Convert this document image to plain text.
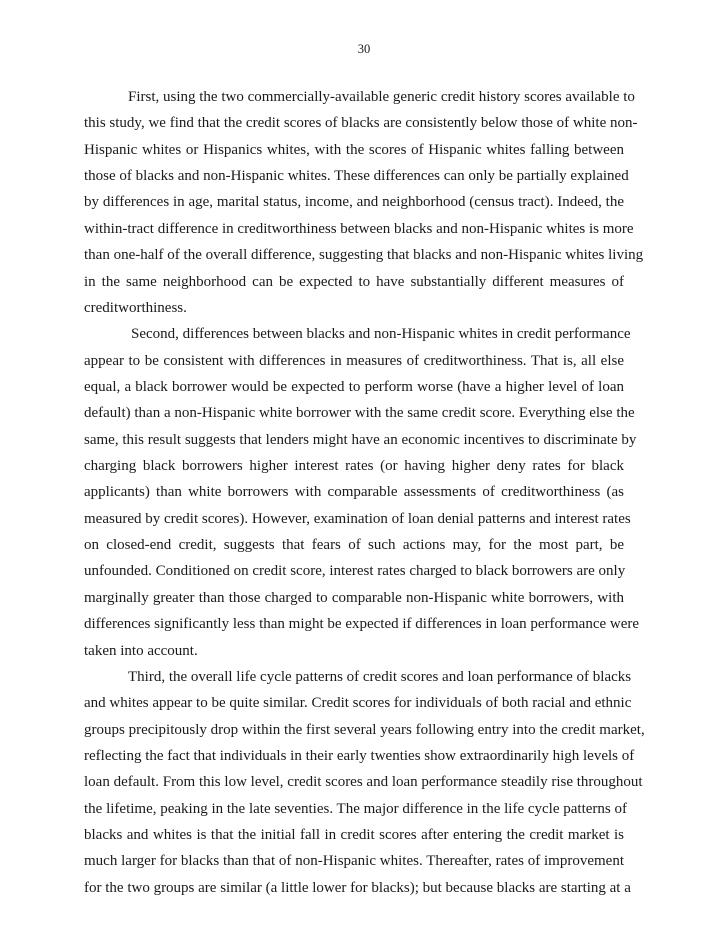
30

First, using the two commercially-available generic credit history scores available to
this study, we find that the credit scores of blacks are consistently below those of white non-
Hispanic whites or Hispanics whites, with the scores of Hispanic whites falling between
those of blacks and non-Hispanic whites. These differences can only be partially explained
by differences in age, marital status, income, and neighborhood (census tract). Indeed, the
within-tract difference in creditworthiness between blacks and non-Hispanic whites is more
than one-half of the overall difference, suggesting that blacks and non-Hispanic whites living
in the same neighborhood can be expected to have substantially different measures of
creditworthiness.
Second, differences between blacks and non-Hispanic whites in credit performance
appear to be consistent with differences in measures of creditworthiness. That is, all else
equal, a black borrower would be expected to perform worse (have a higher level of loan
default) than a non-Hispanic white borrower with the same credit score. Everything else the
same, this result suggests that lenders might have an economic incentives to discriminate by
charging black borrowers higher interest rates (or having higher deny rates for black
applicants) than white borrowers with comparable assessments of creditworthiness (as
measured by credit scores). However, examination of loan denial patterns and interest rates
on closed-end credit, suggests that fears of such actions may, for the most part, be
unfounded. Conditioned on credit score, interest rates charged to black borrowers are only
marginally greater than those charged to comparable non-Hispanic white borrowers, with
differences significantly less than might be expected if differences in loan performance were
taken into account.
Third, the overall life cycle patterns of credit scores and loan performance of blacks
and whites appear to be quite similar. Credit scores for individuals of both racial and ethnic
groups precipitously drop within the first several years following entry into the credit market,
reflecting the fact that individuals in their early twenties show extraordinarily high levels of
loan default. From this low level, credit scores and loan performance steadily rise throughout
the lifetime, peaking in the late seventies. The major difference in the life cycle patterns of
blacks and whites is that the initial fall in credit scores after entering the credit market is
much larger for blacks than that of non-Hispanic whites. Thereafter, rates of improvement
for the two groups are similar (a little lower for blacks); but because blacks are starting at a
